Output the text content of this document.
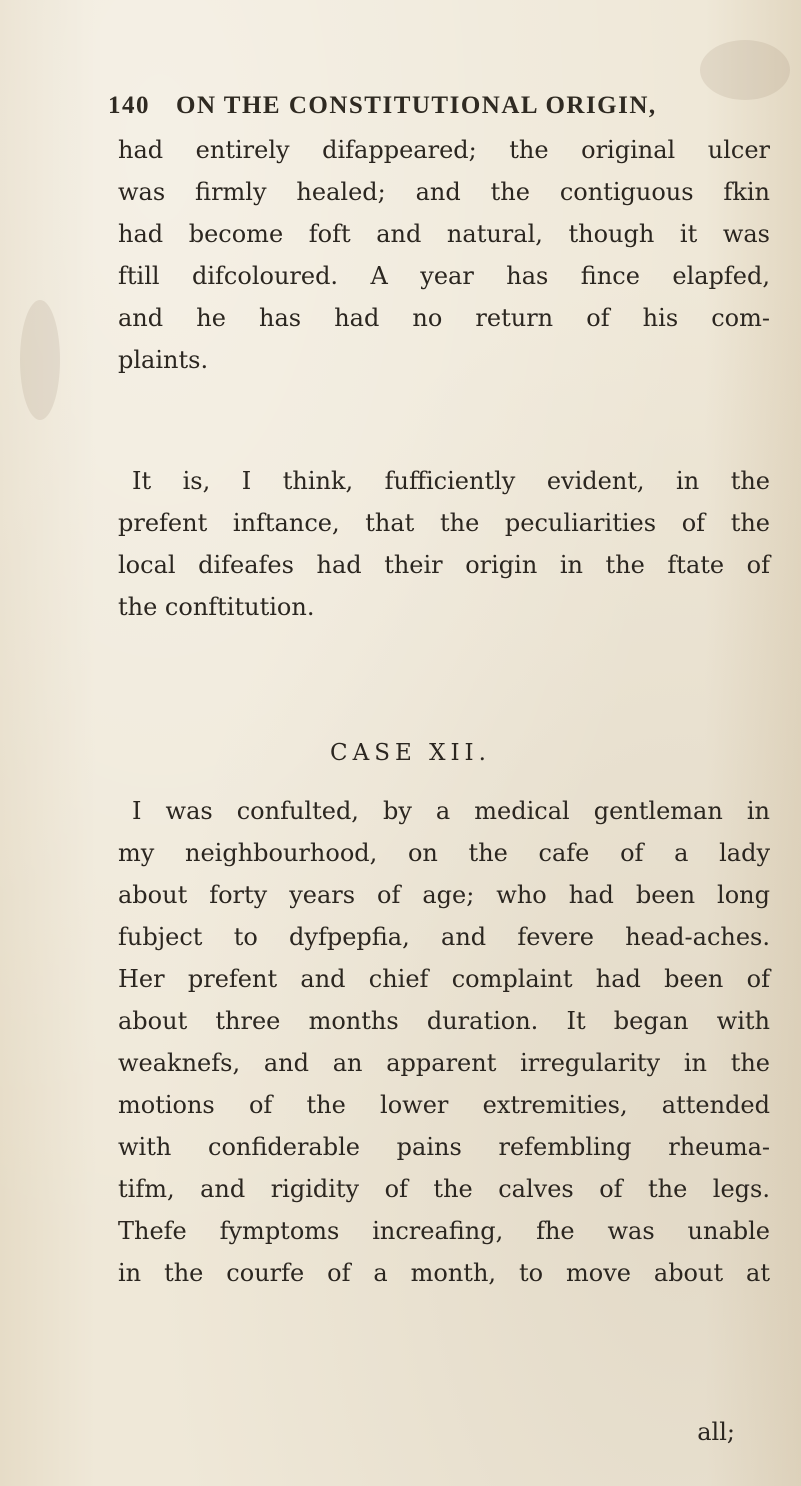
140 ON THE CONSTITUTIONAL ORIGIN,
had entirely difappeared; the original ulcer
was firmly healed; and the contiguous fkin
had become foft and natural, though it was
ftill difcoloured. A year has fince elapfed,
and he has had no return of his com-
plaints.
It is, I think, fufficiently evident, in the
prefent inftance, that the peculiarities of the
local difeafes had their origin in the ftate of
the conftitution.
CASE XII.
I was confulted, by a medical gentleman in
my neighbourhood, on the cafe of a lady
about forty years of age; who had been long
fubject to dyfpepfia, and fevere head-aches.
Her prefent and chief complaint had been of
about three months duration. It began with
weaknefs, and an apparent irregularity in the
motions of the lower extremities, attended
with confiderable pains refembling rheuma-
tifm, and rigidity of the calves of the legs.
Thefe fymptoms increafing, fhe was unable
in the courfe of a month, to move about at
all;
